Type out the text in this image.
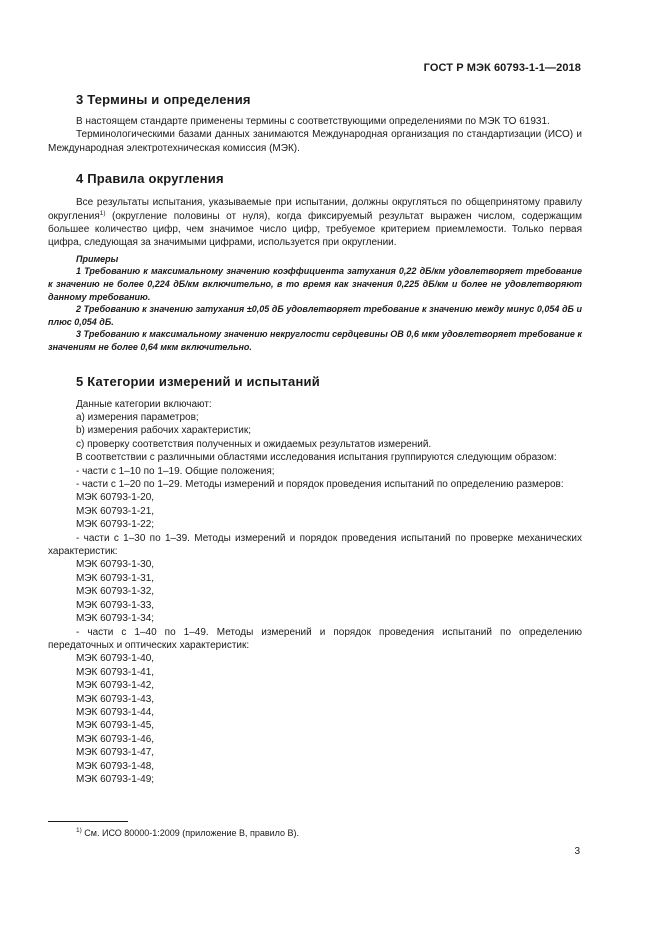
ГОСТ Р МЭК 60793-1-1—2018
3 Термины и определения

В настоящем стандарте применены термины с соответствующими определениями по МЭК ТО 61931.

Терминологическими базами данных занимаются Международная организация по стандартизации (ИСО) и Международная электротехническая комиссия (МЭК).

4 Правила округления

Все результаты испытания, указываемые при испытании, должны округляться по общепринятому правилу округления$^{1)}$ (округление половины от нуля), когда фиксируемый результат выражен числом, содержащим большее количество цифр, чем значимое число цифр, требуемое критерием приемлемости. Только первая цифра, следующая за значимыми цифрами, используется при округлении.

Примеры

1 Требованию к максимальному значению коэффициента затухания 0,22 дБ/км удовлетворяет требование к значению не более 0,224 дБ/км включительно, в то время как значения 0,225 дБ/км и более не удовлетворяют данному требованию.

2 Требованию к значению затухания ±0,05 дБ удовлетворяет требование к значению между минус 0,054 дБ и плюс 0,054 дБ.

3 Требованию к максимальному значению некруглости сердцевины ОВ 0,6 мкм удовлетворяет требование к значениям не более 0,64 мкм включительно.

5 Категории измерений и испытаний

Данные категории включают:

a) измерения параметров;

b) измерения рабочих характеристик;

c) проверку соответствия полученных и ожидаемых результатов измерений.

В соответствии с различными областями исследования испытания группируются следующим образом:

- части с 1–10 по 1–19. Общие положения;

- части с 1–20 по 1–29. Методы измерений и порядок проведения испытаний по определению размеров:

МЭК 60793-1-20,

МЭК 60793-1-21,

МЭК 60793-1-22;

- части с 1–30 по 1–39. Методы измерений и порядок проведения испытаний по проверке механических характеристик:

МЭК 60793-1-30,

МЭК 60793-1-31,

МЭК 60793-1-32,

МЭК 60793-1-33,

МЭК 60793-1-34;

- части с 1–40 по 1–49. Методы измерений и порядок проведения испытаний по определению передаточных и оптических характеристик:

МЭК 60793-1-40,

МЭК 60793-1-41,

МЭК 60793-1-42,

МЭК 60793-1-43,

МЭК 60793-1-44,

МЭК 60793-1-45,

МЭК 60793-1-46,

МЭК 60793-1-47,

МЭК 60793-1-48,

МЭК 60793-1-49;

$^{1)}$ См. ИСО 80000-1:2009 (приложение В, правило В).
3
